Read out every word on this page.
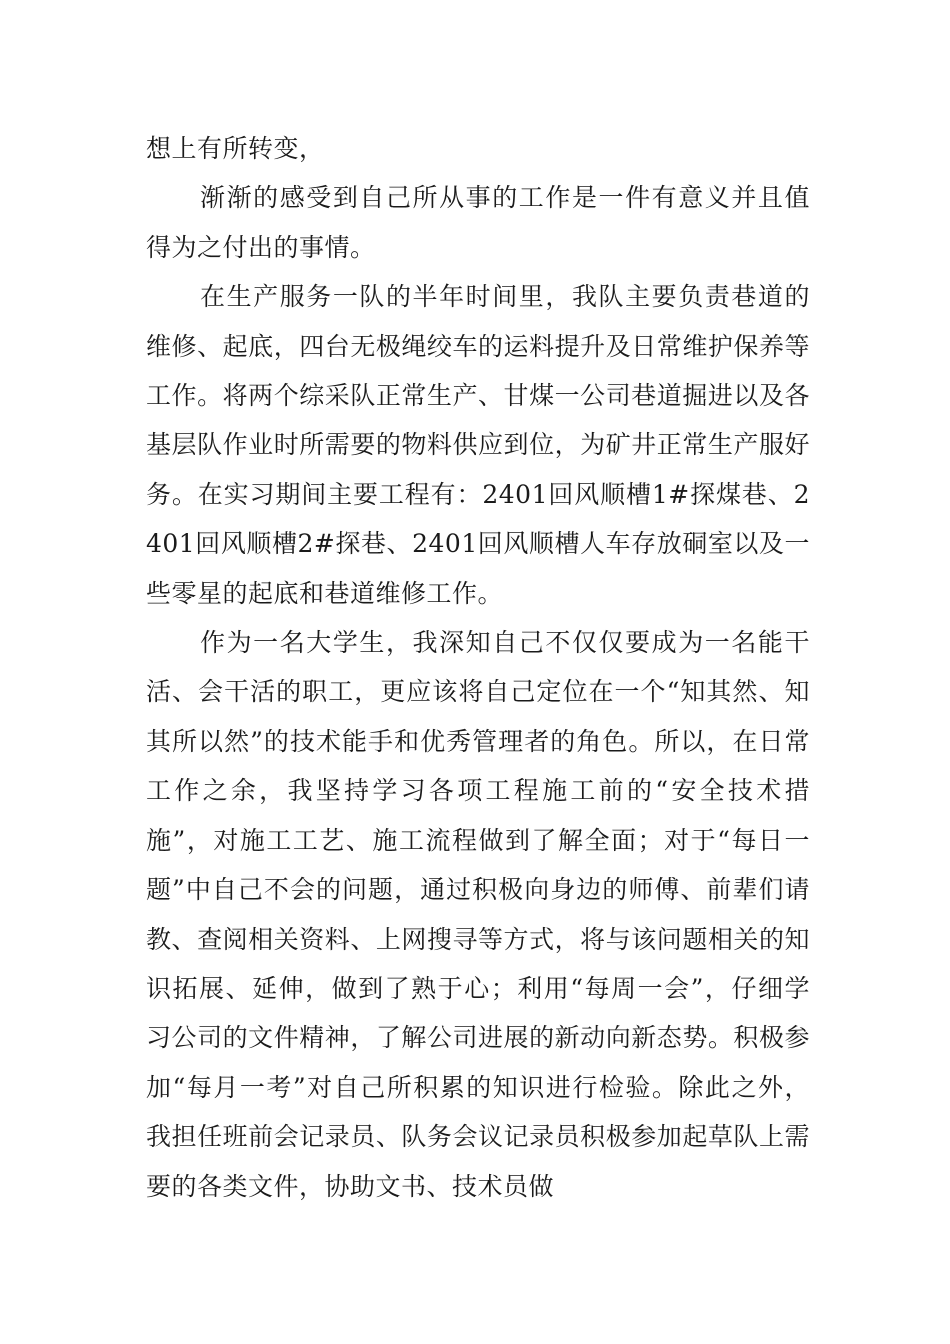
想上有所转变，

渐渐的感受到自己所从事的工作是一件有意义并且值得为之付出的事情。

在生产服务一队的半年时间里，我队主要负责巷道的维修、起底，四台无极绳绞车的运料提升及日常维护保养等工作。将两个综采队正常生产、甘煤一公司巷道掘进以及各基层队作业时所需要的物料供应到位，为矿井正常生产服好务。在实习期间主要工程有：2401回风顺槽1#探煤巷、2401回风顺槽2#探巷、2401回风顺槽人车存放硐室以及一些零星的起底和巷道维修工作。

作为一名大学生，我深知自己不仅仅要成为一名能干活、会干活的职工，更应该将自己定位在一个“知其然、知其所以然”的技术能手和优秀管理者的角色。所以，在日常工作之余，我坚持学习各项工程施工前的“安全技术措施”，对施工工艺、施工流程做到了解全面；对于“每日一题”中自己不会的问题，通过积极向身边的师傅、前辈们请教、查阅相关资料、上网搜寻等方式，将与该问题相关的知识拓展、延伸，做到了熟于心；利用“每周一会”，仔细学习公司的文件精神，了解公司进展的新动向新态势。积极参加“每月一考”对自己所积累的知识进行检验。除此之外，我担任班前会记录员、队务会议记录员积极参加起草队上需要的各类文件，协助文书、技术员做
